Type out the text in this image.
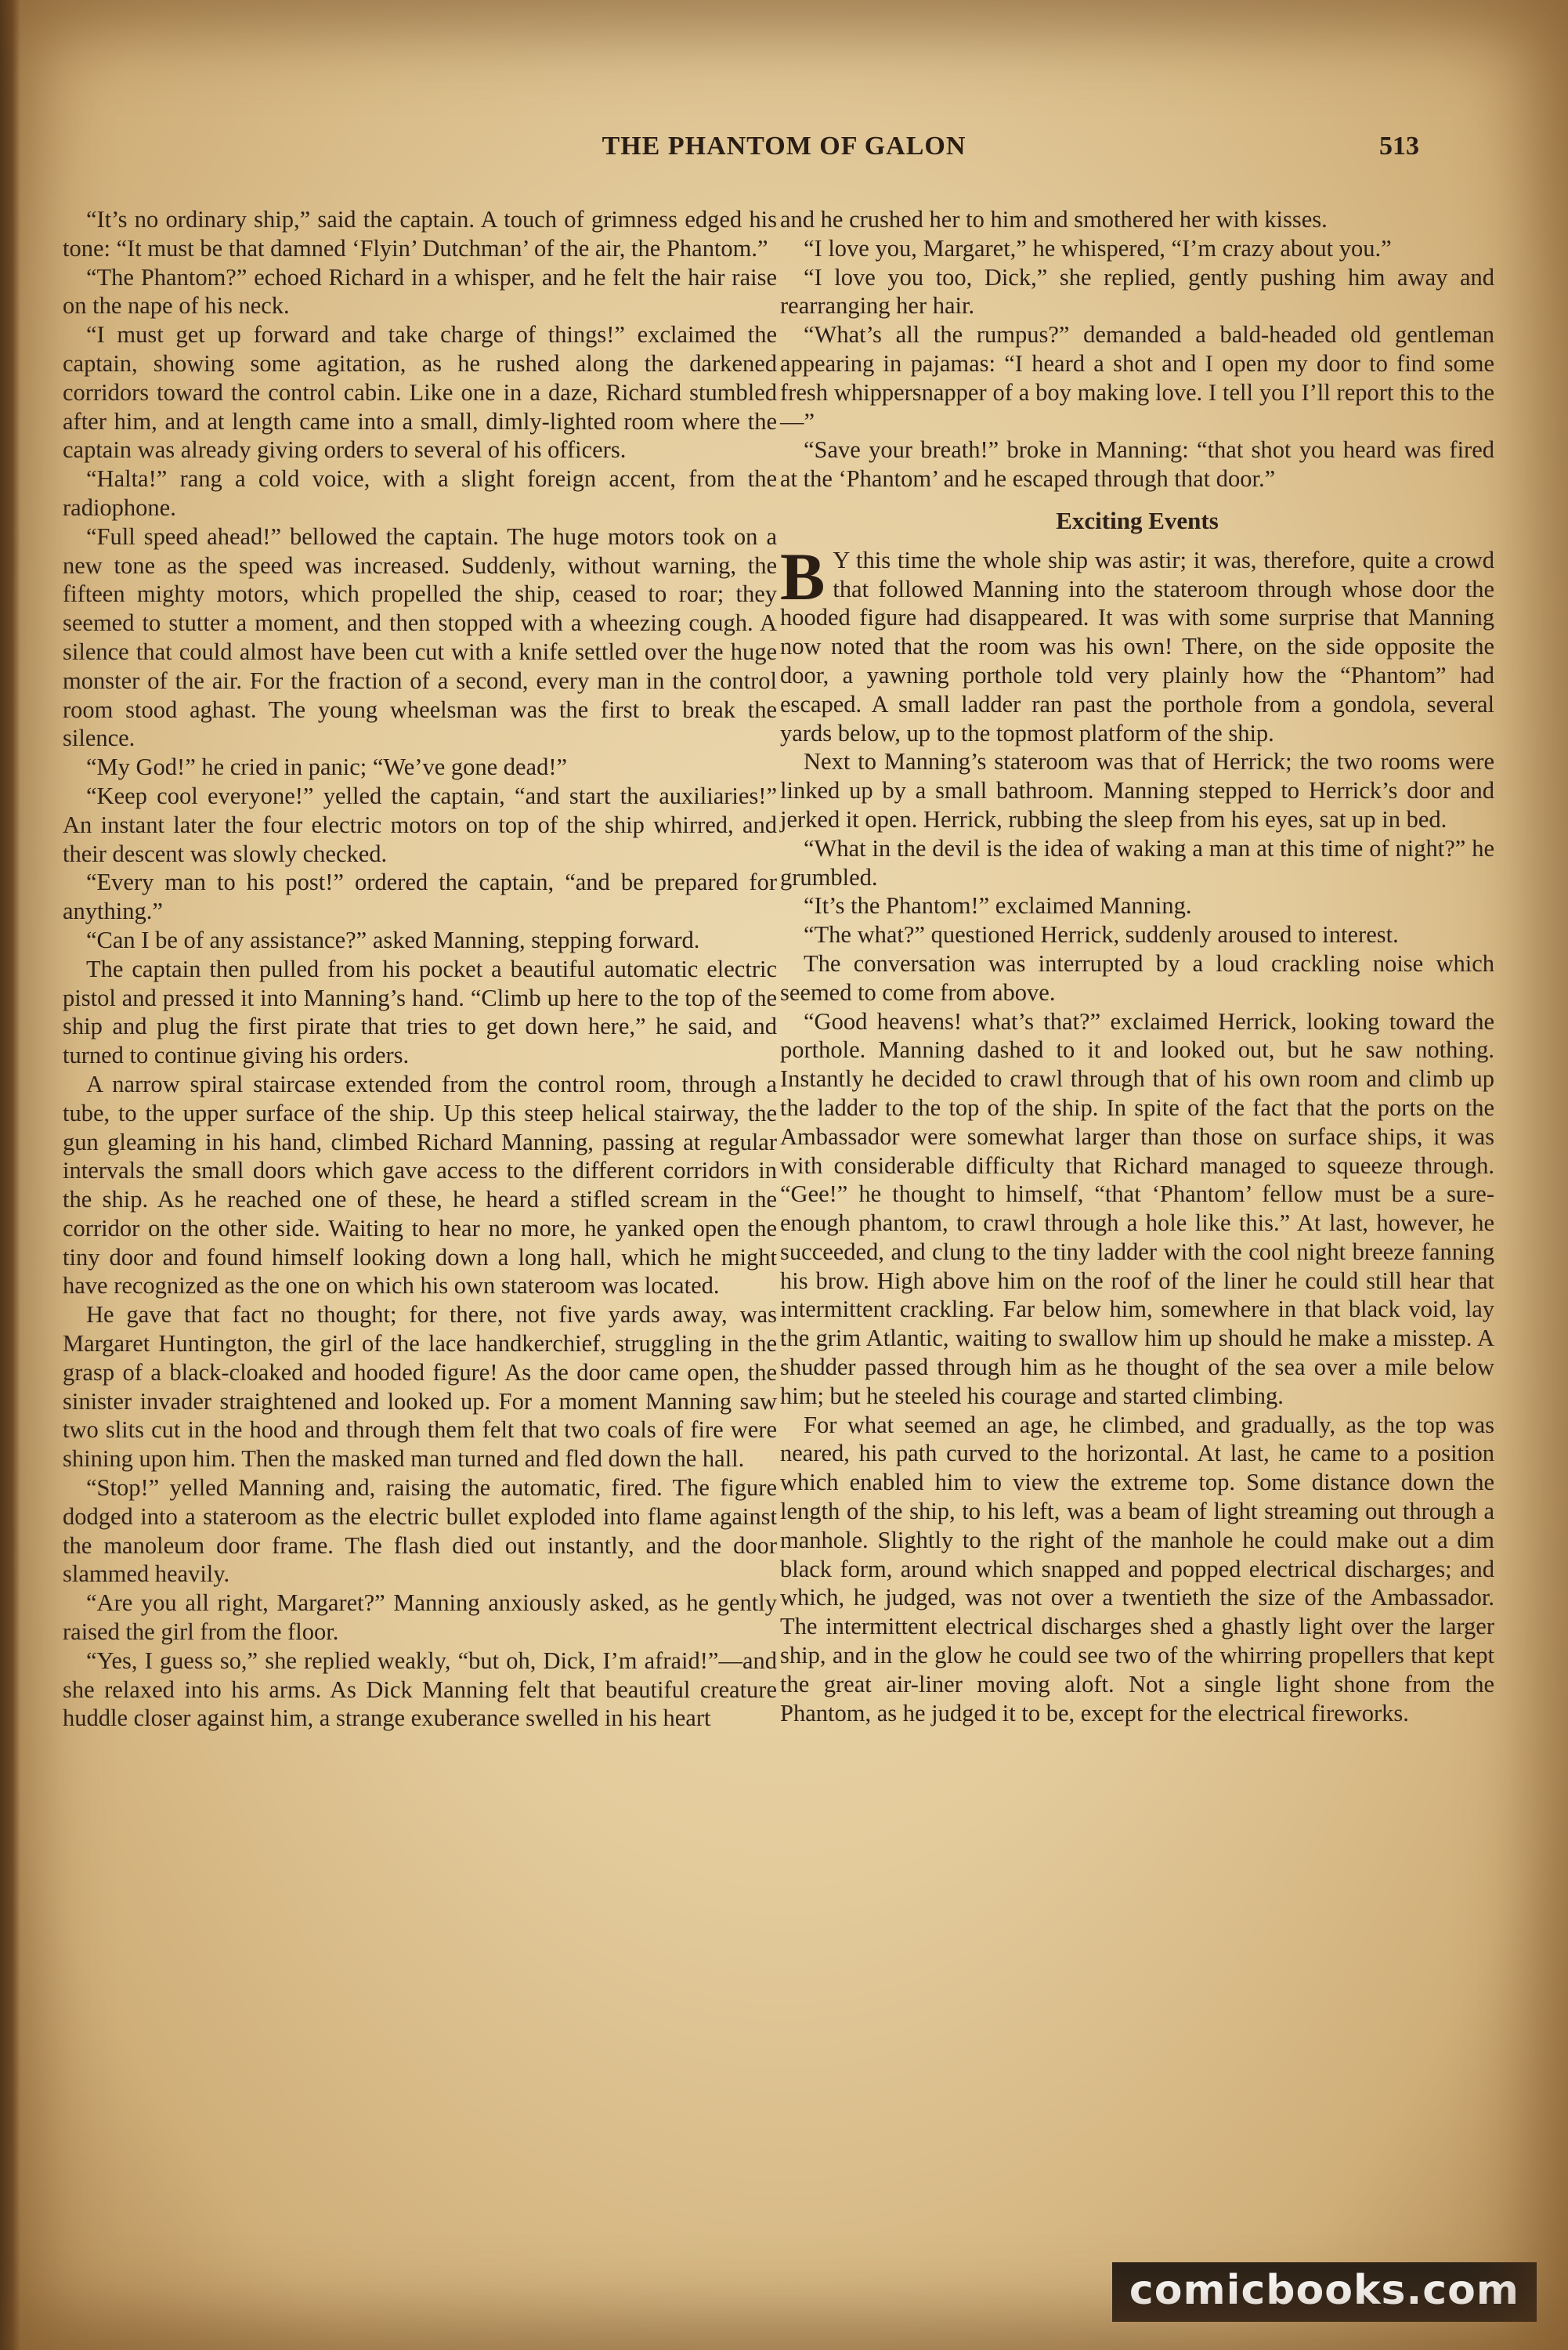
THE PHANTOM OF GALON	513

“It’s no ordinary ship,” said the captain. A touch of grimness edged his tone: “It must be that damned ‘Flyin’ Dutchman’ of the air, the Phantom.”

“The Phantom?” echoed Richard in a whisper, and he felt the hair raise on the nape of his neck.

“I must get up forward and take charge of things!” exclaimed the captain, showing some agitation, as he rushed along the darkened corridors toward the control cabin. Like one in a daze, Richard stumbled after him, and at length came into a small, dimly-lighted room where the captain was already giving orders to several of his officers.

“Halta!” rang a cold voice, with a slight foreign accent, from the radiophone.

“Full speed ahead!” bellowed the captain. The huge motors took on a new tone as the speed was increased. Suddenly, without warning, the fifteen mighty motors, which propelled the ship, ceased to roar; they seemed to stutter a moment, and then stopped with a wheezing cough. A silence that could almost have been cut with a knife settled over the huge monster of the air. For the fraction of a second, every man in the control room stood aghast. The young wheelsman was the first to break the silence.

“My God!” he cried in panic; “We’ve gone dead!”

“Keep cool everyone!” yelled the captain, “and start the auxiliaries!” An instant later the four electric motors on top of the ship whirred, and their descent was slowly checked.

“Every man to his post!” ordered the captain, “and be prepared for anything.”

“Can I be of any assistance?” asked Manning, stepping forward.

The captain then pulled from his pocket a beautiful automatic electric pistol and pressed it into Manning’s hand. “Climb up here to the top of the ship and plug the first pirate that tries to get down here,” he said, and turned to continue giving his orders.

A narrow spiral staircase extended from the control room, through a tube, to the upper surface of the ship. Up this steep helical stairway, the gun gleaming in his hand, climbed Richard Manning, passing at regular intervals the small doors which gave access to the different corridors in the ship. As he reached one of these, he heard a stifled scream in the corridor on the other side. Waiting to hear no more, he yanked open the tiny door and found himself looking down a long hall, which he might have recognized as the one on which his own stateroom was located.

He gave that fact no thought; for there, not five yards away, was Margaret Huntington, the girl of the lace handkerchief, struggling in the grasp of a black-cloaked and hooded figure! As the door came open, the sinister invader straightened and looked up. For a moment Manning saw two slits cut in the hood and through them felt that two coals of fire were shining upon him. Then the masked man turned and fled down the hall.

“Stop!” yelled Manning and, raising the automatic, fired. The figure dodged into a stateroom as the electric bullet exploded into flame against the manoleum door frame. The flash died out instantly, and the door slammed heavily.

“Are you all right, Margaret?” Manning anxiously asked, as he gently raised the girl from the floor.

“Yes, I guess so,” she replied weakly, “but oh, Dick, I’m afraid!”—and she relaxed into his arms. As Dick Manning felt that beautiful creature huddle closer against him, a strange exuberance swelled in his heart

and he crushed her to him and smothered her with kisses.

“I love you, Margaret,” he whispered, “I’m crazy about you.”

“I love you too, Dick,” she replied, gently pushing him away and rearranging her hair.

“What’s all the rumpus?” demanded a bald-headed old gentleman appearing in pajamas: “I heard a shot and I open my door to find some fresh whippersnapper of a boy making love. I tell you I’ll report this to the—”

“Save your breath!” broke in Manning: “that shot you heard was fired at the ‘Phantom’ and he escaped through that door.”

Exciting Events

B Y this time the whole ship was astir; it was, therefore, quite a crowd that followed Manning into the stateroom through whose door the hooded figure had disappeared. It was with some surprise that Manning now noted that the room was his own! There, on the side opposite the door, a yawning porthole told very plainly how the “Phantom” had escaped. A small ladder ran past the porthole from a gondola, several yards below, up to the topmost platform of the ship.

Next to Manning’s stateroom was that of Herrick; the two rooms were linked up by a small bathroom. Manning stepped to Herrick’s door and jerked it open. Herrick, rubbing the sleep from his eyes, sat up in bed.

“What in the devil is the idea of waking a man at this time of night?” he grumbled.

“It’s the Phantom!” exclaimed Manning.

“The what?” questioned Herrick, suddenly aroused to interest.

The conversation was interrupted by a loud crackling noise which seemed to come from above.

“Good heavens! what’s that?” exclaimed Herrick, looking toward the porthole. Manning dashed to it and looked out, but he saw nothing. Instantly he decided to crawl through that of his own room and climb up the ladder to the top of the ship. In spite of the fact that the ports on the Ambassador were somewhat larger than those on surface ships, it was with considerable difficulty that Richard managed to squeeze through. “Gee!” he thought to himself, “that ‘Phantom’ fellow must be a sure-enough phantom, to crawl through a hole like this.” At last, however, he succeeded, and clung to the tiny ladder with the cool night breeze fanning his brow. High above him on the roof of the liner he could still hear that intermittent crackling. Far below him, somewhere in that black void, lay the grim Atlantic, waiting to swallow him up should he make a misstep. A shudder passed through him as he thought of the sea over a mile below him; but he steeled his courage and started climbing.

For what seemed an age, he climbed, and gradually, as the top was neared, his path curved to the horizontal. At last, he came to a position which enabled him to view the extreme top. Some distance down the length of the ship, to his left, was a beam of light streaming out through a manhole. Slightly to the right of the manhole he could make out a dim black form, around which snapped and popped electrical discharges; and which, he judged, was not over a twentieth the size of the Ambassador. The intermittent electrical discharges shed a ghastly light over the larger ship, and in the glow he could see two of the whirring propellers that kept the great air-liner moving aloft. Not a single light shone from the Phantom, as he judged it to be, except for the electrical fireworks.

comicbooks.com
